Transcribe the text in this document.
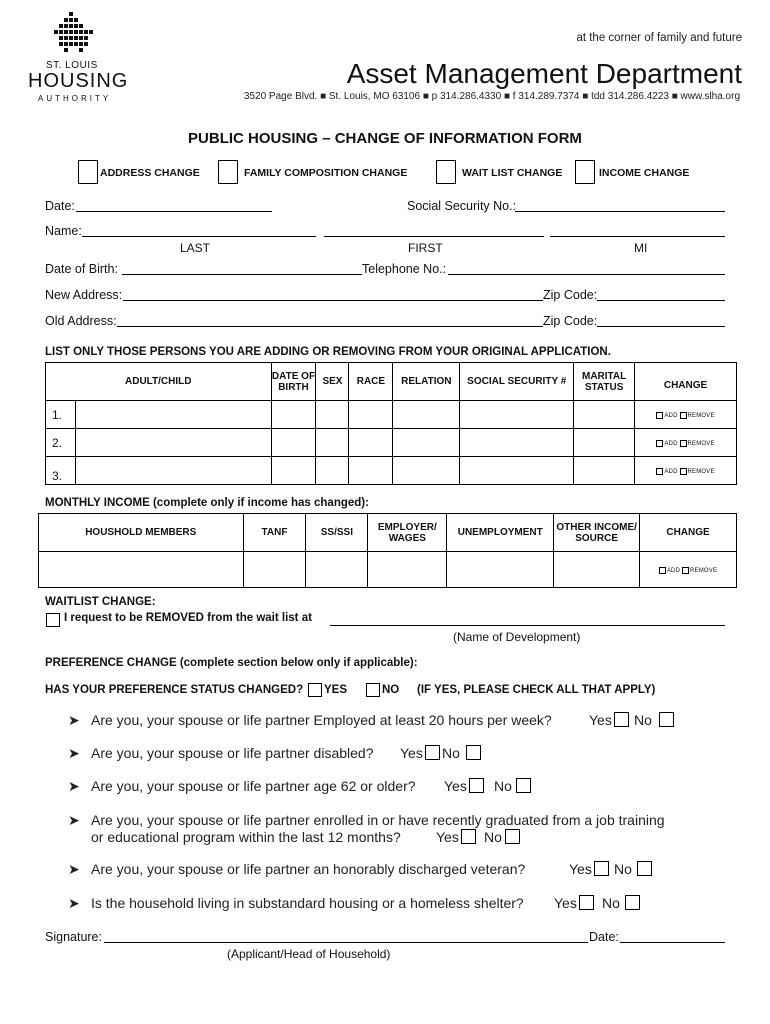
ST. LOUIS
HOUSING
AUTHORITY
at the corner of family and future
Asset Management Department
3520 Page Blvd. ■ St. Louis, MO 63106 ■ p 314.286.4330 ■ f 314.289.7374 ■ tdd 314.286.4223 ■ www.slha.org
PUBLIC HOUSING – CHANGE OF INFORMATION FORM
ADDRESS CHANGE	FAMILY COMPOSITION CHANGE	WAIT LIST CHANGE	INCOME CHANGE
Date:	Social Security No.:
Name:
LAST	FIRST	MI
Date of Birth:	Telephone No.:
New Address:	Zip Code:
Old Address:	Zip Code:
LIST ONLY THOSE PERSONS YOU ARE ADDING OR REMOVING FROM YOUR ORIGINAL APPLICATION.
ADULT/CHILD		DATE OF BIRTH	SEX	RACE	RELATION	SOCIAL SECURITY #	MARITAL STATUS	CHANGE
1.								ADD REMOVE
2.								ADD REMOVE
3.								ADD REMOVE
MONTHLY INCOME (complete only if income has changed):
HOUSHOLD MEMBERS	TANF	SS/SSI	EMPLOYER/ WAGES	UNEMPLOYMENT	OTHER INCOME/ SOURCE	CHANGE
						ADD REMOVE
WAITLIST CHANGE:
I request to be REMOVED from the wait list at
(Name of Development)
PREFERENCE CHANGE (complete section below only if applicable):
HAS YOUR PREFERENCE STATUS CHANGED? YES	NO (IF YES, PLEASE CHECK ALL THAT APPLY)
➤ Are you, your spouse or life partner Employed at least 20 hours per week?	Yes No
➤ Are you, your spouse or life partner disabled? Yes No
➤ Are you, your spouse or life partner age 62 or older? Yes No
➤ Are you, your spouse or life partner enrolled in or have recently graduated from a job training
or educational program within the last 12 months?	Yes No
➤ Are you, your spouse or life partner an honorably discharged veteran?	Yes No
➤ Is the household living in substandard housing or a homeless shelter? Yes No
Signature:	Date:
(Applicant/Head of Household)
